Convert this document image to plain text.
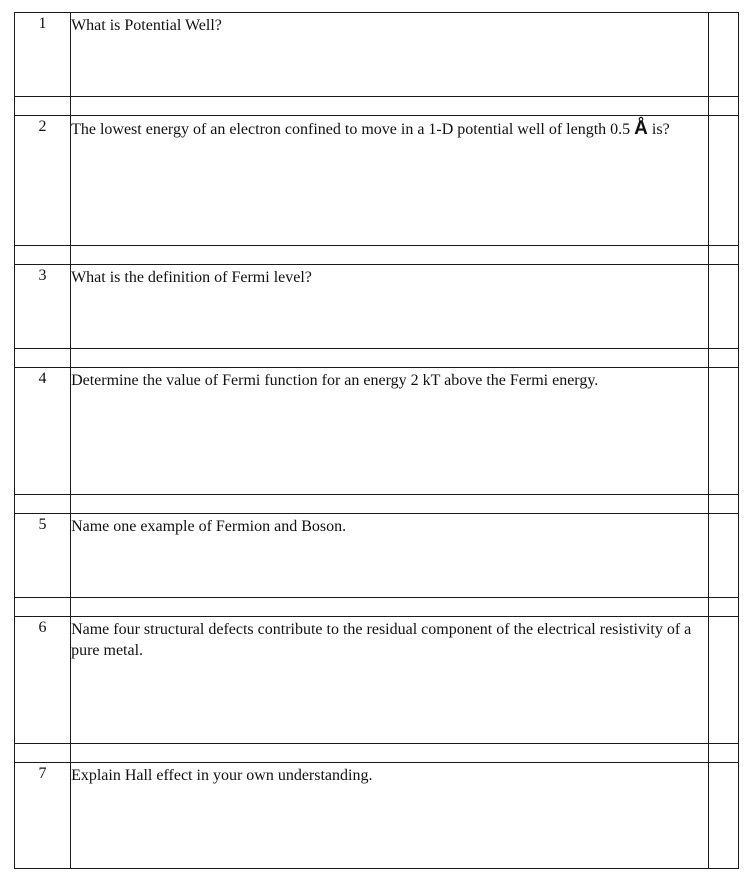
1	What is Potential Well?	

2	The lowest energy of an electron confined to move in a 1-D potential well of length 0.5 Å is?	

3	What is the definition of Fermi level?	

4	Determine the value of Fermi function for an energy 2 kT above the Fermi energy.	

5	Name one example of Fermion and Boson.	

6	Name four structural defects contribute to the residual component of the electrical resistivity of a pure metal.	

7	Explain Hall effect in your own understanding.	
